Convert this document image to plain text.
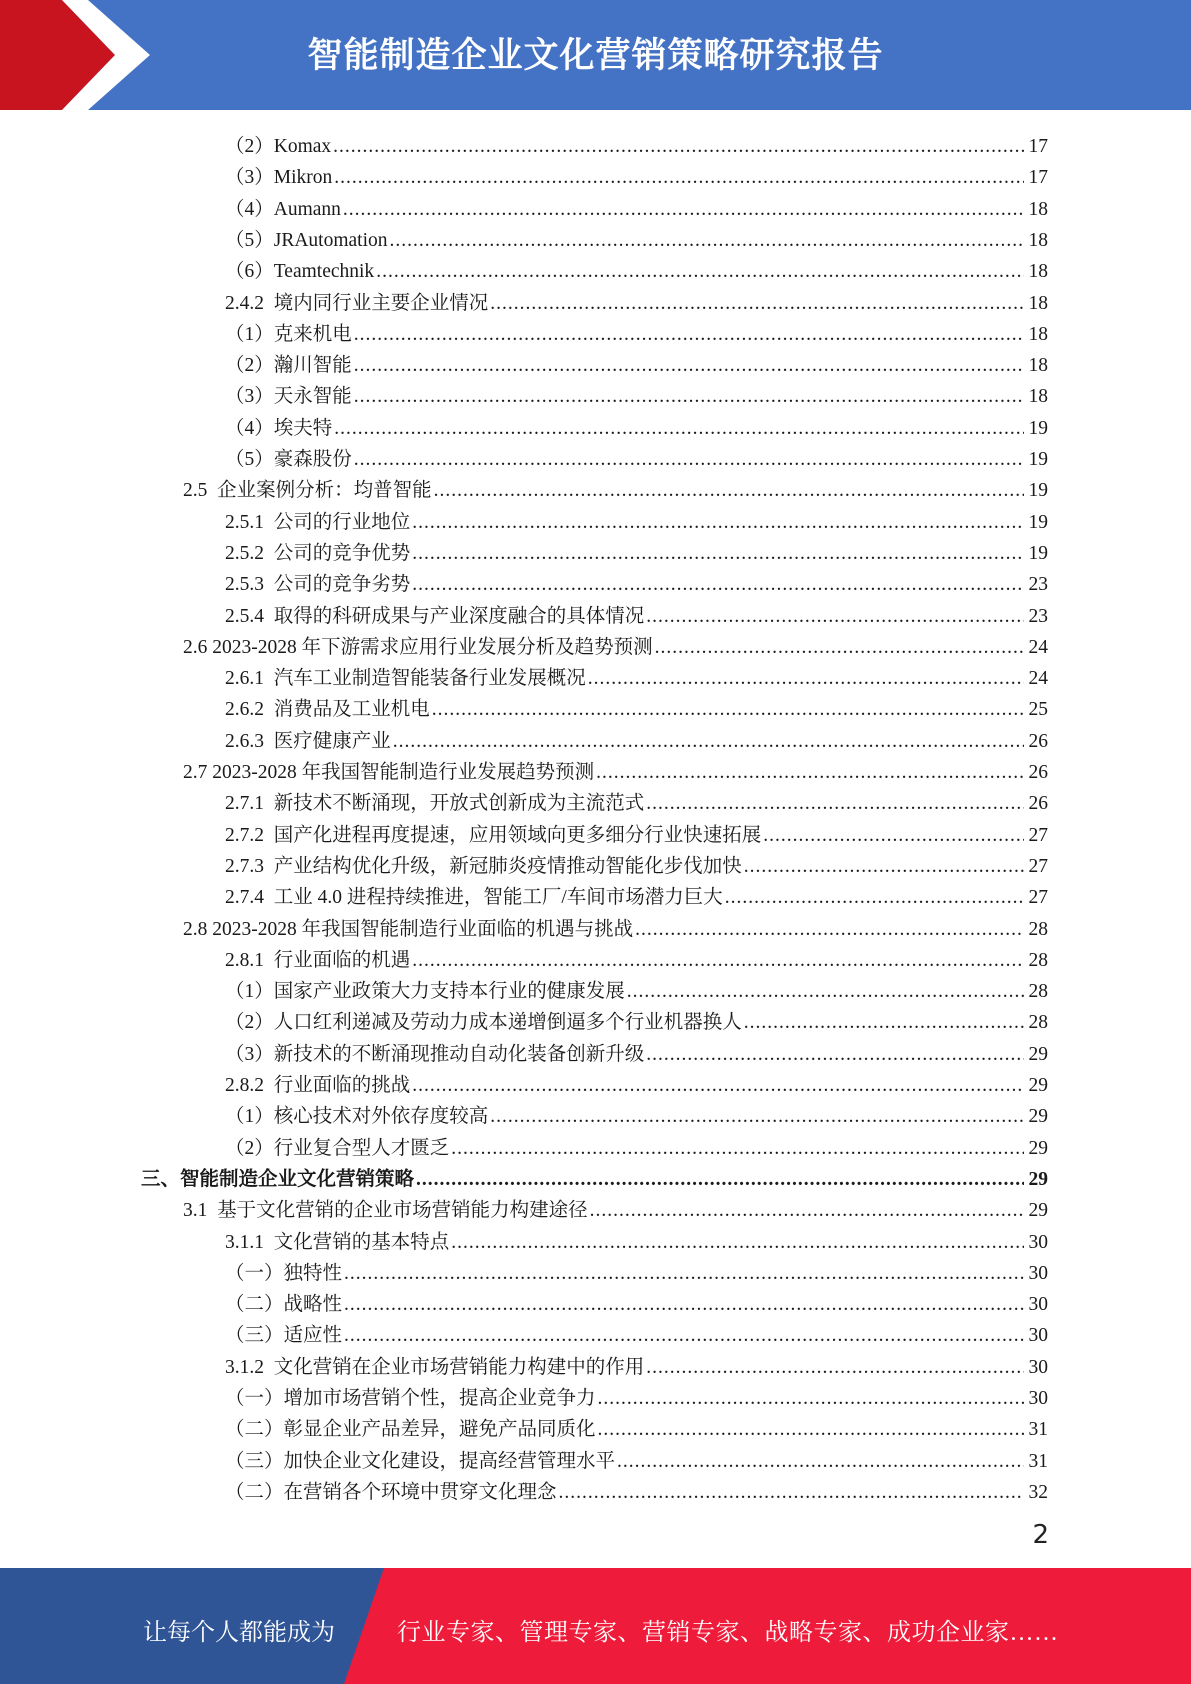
智能制造企业文化营销策略研究报告
（2）Komax .....	17
（3）Mikron .....	17
（4）Aumann .....	18
（5）JRAutomation .....	18
（6）Teamtechnik .....	18
2.4.2  境内同行业主要企业情况 .....	18
（1）克来机电 .....	18
（2）瀚川智能 .....	18
（3）天永智能 .....	18
（4）埃夫特 .....	19
（5）豪森股份 .....	19
2.5  企业案例分析：均普智能 .....	19
2.5.1  公司的行业地位 .....	19
2.5.2  公司的竞争优势 .....	19
2.5.3  公司的竞争劣势 .....	23
2.5.4  取得的科研成果与产业深度融合的具体情况 .....	23
2.6 2023-2028 年下游需求应用行业发展分析及趋势预测 .....	24
2.6.1  汽车工业制造智能装备行业发展概况 .....	24
2.6.2  消费品及工业机电 .....	25
2.6.3  医疗健康产业 .....	26
2.7 2023-2028 年我国智能制造行业发展趋势预测 .....	26
2.7.1  新技术不断涌现，开放式创新成为主流范式 .....	26
2.7.2  国产化进程再度提速，应用领域向更多细分行业快速拓展 .....	27
2.7.3  产业结构优化升级，新冠肺炎疫情推动智能化步伐加快 .....	27
2.7.4  工业 4.0 进程持续推进，智能工厂/车间市场潜力巨大 .....	27
2.8 2023-2028 年我国智能制造行业面临的机遇与挑战 .....	28
2.8.1  行业面临的机遇 .....	28
（1）国家产业政策大力支持本行业的健康发展 .....	28
（2）人口红利递减及劳动力成本递增倒逼多个行业机器换人 .....	28
（3）新技术的不断涌现推动自动化装备创新升级 .....	29
2.8.2  行业面临的挑战 .....	29
（1）核心技术对外依存度较高 .....	29
（2）行业复合型人才匮乏 .....	29
三、智能制造企业文化营销策略 .....	29
3.1  基于文化营销的企业市场营销能力构建途径 .....	29
3.1.1  文化营销的基本特点 .....	30
（一）独特性 .....	30
（二）战略性 .....	30
（三）适应性 .....	30
3.1.2  文化营销在企业市场营销能力构建中的作用 .....	30
（一）增加市场营销个性，提高企业竞争力 .....	30
（二）彰显企业产品差异，避免产品同质化 .....	31
（三）加快企业文化建设，提高经营管理水平 .....	31
（二）在营销各个环境中贯穿文化理念 .....	32
2
让每个人都能成为	行业专家、管理专家、营销专家、战略专家、成功企业家……
